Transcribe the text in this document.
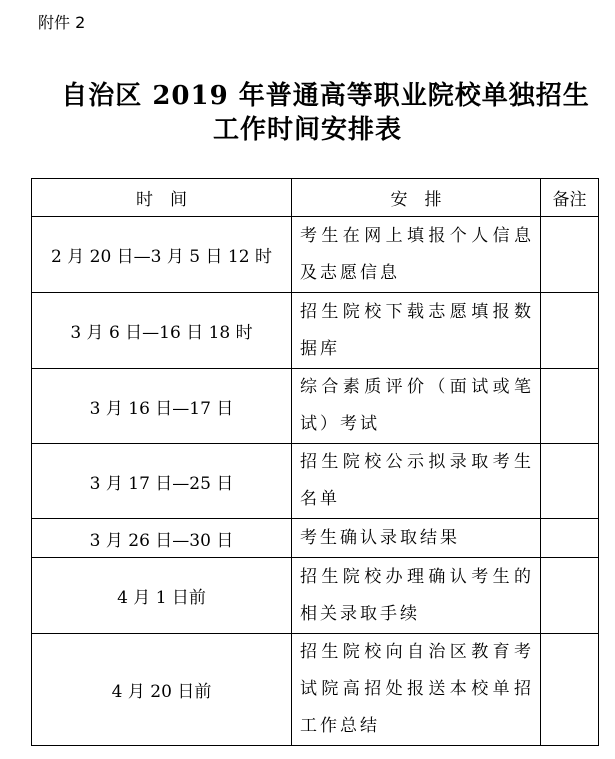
附件 2
自治区 2019 年普通高等职业院校单独招生
工作时间安排表
时　间	安　排	备注
2 月 20 日—3 月 5 日 12 时	考生在网上填报个人信息及志愿信息	
3 月 6 日—16 日 18 时	招生院校下载志愿填报数据库	
3 月 16 日—17 日	综合素质评价（面试或笔试）考试	
3 月 17 日—25 日	招生院校公示拟录取考生名单	
3 月 26 日—30 日	考生确认录取结果	
4 月 1 日前	招生院校办理确认考生的相关录取手续	
4 月 20 日前	招生院校向自治区教育考试院高招处报送本校单招工作总结	
